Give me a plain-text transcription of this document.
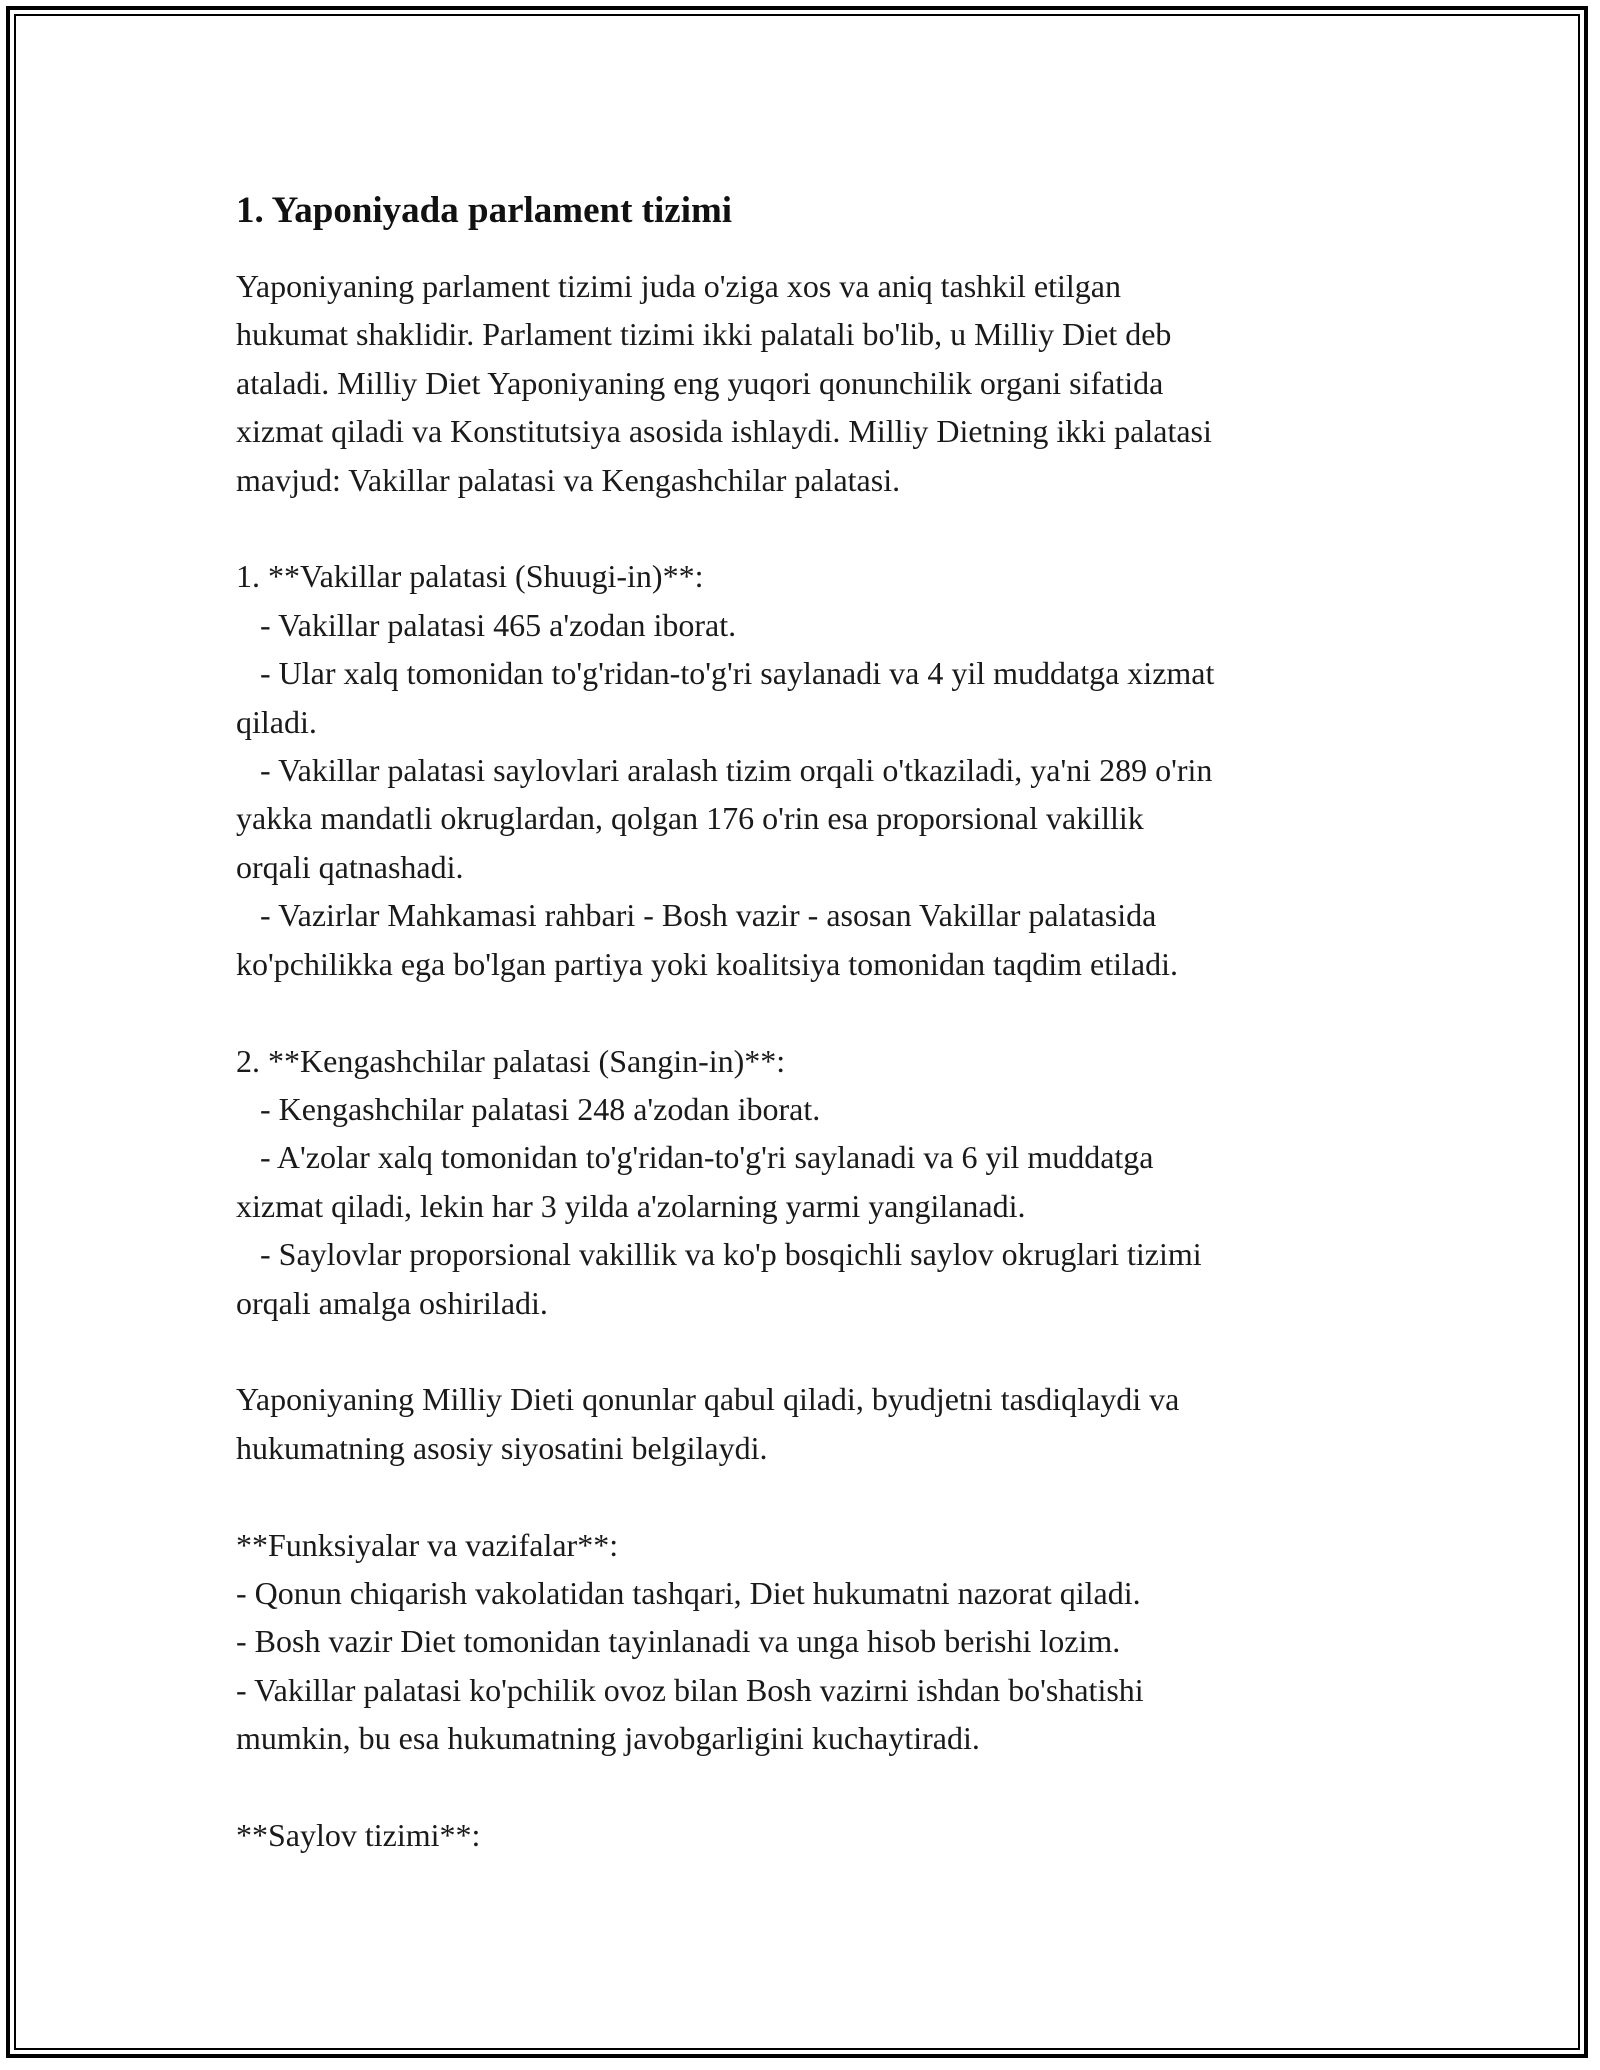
1. Yaponiyada parlament tizimi

Yaponiyaning parlament tizimi juda o'ziga xos va aniq tashkil etilgan
hukumat shaklidir. Parlament tizimi ikki palatali bo'lib, u Milliy Diet deb
ataladi. Milliy Diet Yaponiyaning eng yuqori qonunchilik organi sifatida
xizmat qiladi va Konstitutsiya asosida ishlaydi. Milliy Dietning ikki palatasi
mavjud: Vakillar palatasi va Kengashchilar palatasi.

1. **Vakillar palatasi (Shuugi-in)**:
- Vakillar palatasi 465 a'zodan iborat.
- Ular xalq tomonidan to'g'ridan-to'g'ri saylanadi va 4 yil muddatga xizmat
qiladi.
- Vakillar palatasi saylovlari aralash tizim orqali o'tkaziladi, ya'ni 289 o'rin
yakka mandatli okruglardan, qolgan 176 o'rin esa proporsional vakillik
orqali qatnashadi.
- Vazirlar Mahkamasi rahbari - Bosh vazir - asosan Vakillar palatasida
ko'pchilikka ega bo'lgan partiya yoki koalitsiya tomonidan taqdim etiladi.

2. **Kengashchilar palatasi (Sangin-in)**:
- Kengashchilar palatasi 248 a'zodan iborat.
- A'zolar xalq tomonidan to'g'ridan-to'g'ri saylanadi va 6 yil muddatga
xizmat qiladi, lekin har 3 yilda a'zolarning yarmi yangilanadi.
- Saylovlar proporsional vakillik va ko'p bosqichli saylov okruglari tizimi
orqali amalga oshiriladi.

Yaponiyaning Milliy Dieti qonunlar qabul qiladi, byudjetni tasdiqlaydi va
hukumatning asosiy siyosatini belgilaydi.

**Funksiyalar va vazifalar**:
- Qonun chiqarish vakolatidan tashqari, Diet hukumatni nazorat qiladi.
- Bosh vazir Diet tomonidan tayinlanadi va unga hisob berishi lozim.
- Vakillar palatasi ko'pchilik ovoz bilan Bosh vazirni ishdan bo'shatishi
mumkin, bu esa hukumatning javobgarligini kuchaytiradi.

**Saylov tizimi**:
